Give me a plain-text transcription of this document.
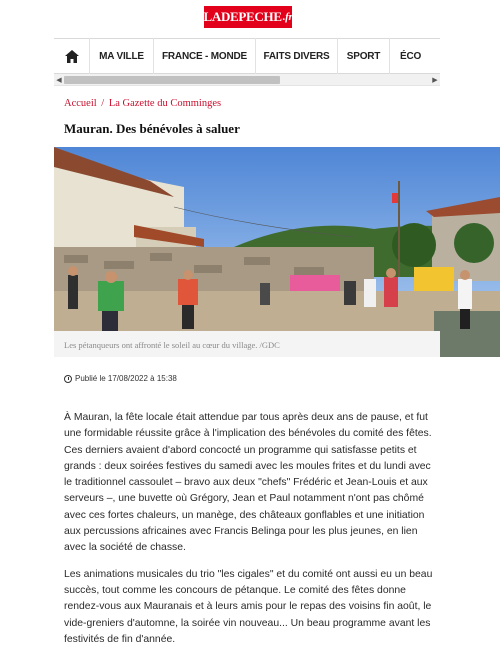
LADEPECHE .fr
MA VILLE	FRANCE - MONDE	FAITS DIVERS	SPORT	ÉCO
◀	▶
Accueil / La Gazette du Comminges
Mauran. Des bénévoles à saluer
Les pétanqueurs ont affronté le soleil au cœur du village. /GDC
Publié le 17/08/2022 à 15:38

À Mauran, la fête locale était attendue par tous après deux ans de pause, et fut une formidable réussite grâce à l'implication des bénévoles du comité des fêtes. Ces derniers avaient d'abord concocté un programme qui satisfasse petits et grands : deux soirées festives du samedi avec les moules frites et du lundi avec le traditionnel cassoulet – bravo aux deux "chefs" Frédéric et Jean-Louis et aux serveurs –, une buvette où Grégory, Jean et Paul notamment n'ont pas chômé avec ces fortes chaleurs, un manège, des châteaux gonflables et une initiation aux percussions africaines avec Francis Belinga pour les plus jeunes, en lien avec la société de chasse.

Les animations musicales du trio "les cigales" et du comité ont aussi eu un beau succès, tout comme les concours de pétanque. Le comité des fêtes donne rendez-vous aux Mauranais et à leurs amis pour le repas des voisins fin août, le vide-greniers d'automne, la soirée vin nouveau... Un beau programme avant les festivités de fin d'année.
